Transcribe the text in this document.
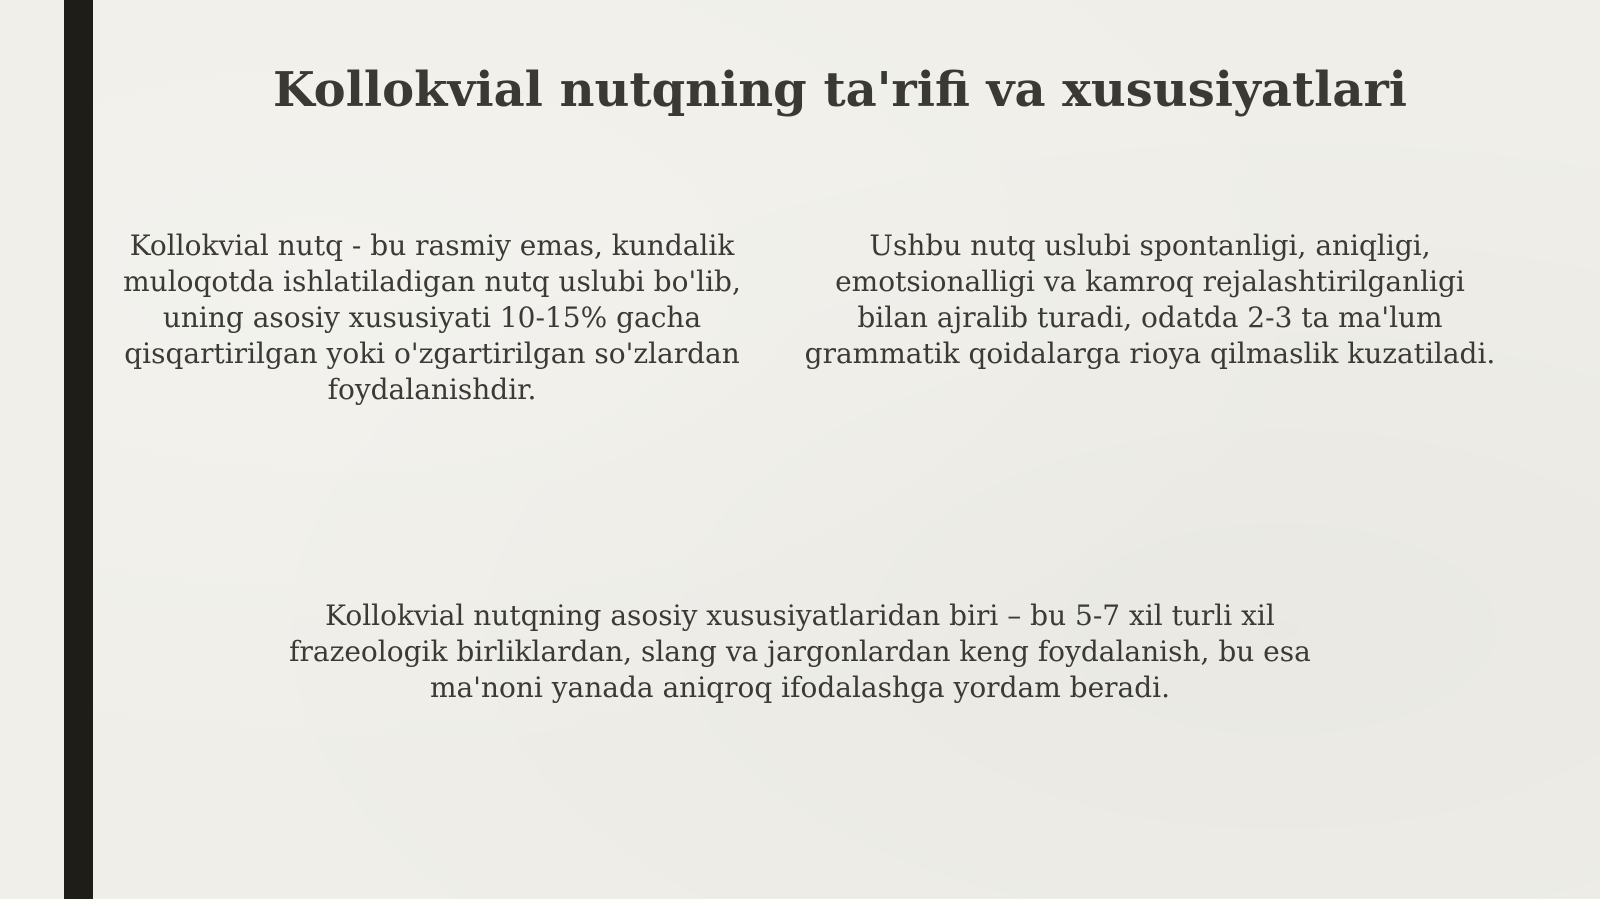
Kollokvial nutqning ta'rifi va xususiyatlari
Kollokvial nutq - bu rasmiy emas, kundalik
muloqotda ishlatiladigan nutq uslubi bo'lib,
uning asosiy xususiyati 10-15% gacha
qisqartirilgan yoki o'zgartirilgan so'zlardan
foydalanishdir.
Ushbu nutq uslubi spontanligi, aniqligi,
emotsionalligi va kamroq rejalashtirilganligi
bilan ajralib turadi, odatda 2-3 ta ma'lum
grammatik qoidalarga rioya qilmaslik kuzatiladi.
Kollokvial nutqning asosiy xususiyatlaridan biri – bu 5-7 xil turli xil
frazeologik birliklardan, slang va jargonlardan keng foydalanish, bu esa
ma'noni yanada aniqroq ifodalashga yordam beradi.
